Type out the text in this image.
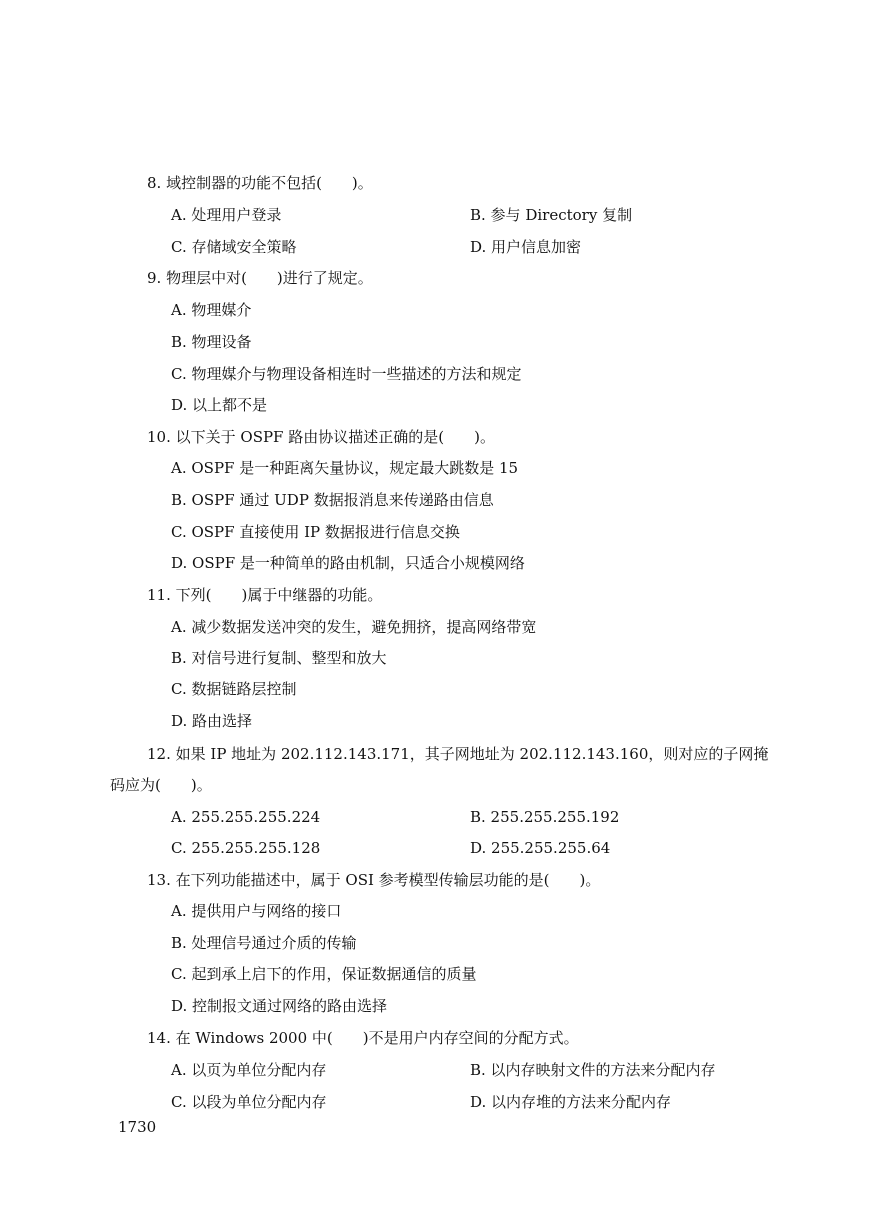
8. 域控制器的功能不包括(　　)。
A. 处理用户登录	B. 参与 Directory 复制
C. 存储域安全策略	D. 用户信息加密
9. 物理层中对(　　)进行了规定。
A. 物理媒介
B. 物理设备
C. 物理媒介与物理设备相连时一些描述的方法和规定
D. 以上都不是
10. 以下关于 OSPF 路由协议描述正确的是(　　)。
A. OSPF 是一种距离矢量协议，规定最大跳数是 15
B. OSPF 通过 UDP 数据报消息来传递路由信息
C. OSPF 直接使用 IP 数据报进行信息交换
D. OSPF 是一种简单的路由机制，只适合小规模网络
11. 下列(　　)属于中继器的功能。
A. 减少数据发送冲突的发生，避免拥挤，提高网络带宽
B. 对信号进行复制、整型和放大
C. 数据链路层控制
D. 路由选择
12. 如果 IP 地址为 202.112.143.171，其子网地址为 202.112.143.160，则对应的子网掩
码应为(　　)。
A. 255.255.255.224	B. 255.255.255.192
C. 255.255.255.128	D. 255.255.255.64
13. 在下列功能描述中，属于 OSI 参考模型传输层功能的是(　　)。
A. 提供用户与网络的接口
B. 处理信号通过介质的传输
C. 起到承上启下的作用，保证数据通信的质量
D. 控制报文通过网络的路由选择
14. 在 Windows 2000 中(　　)不是用户内存空间的分配方式。
A. 以页为单位分配内存	B. 以内存映射文件的方法来分配内存
C. 以段为单位分配内存	D. 以内存堆的方法来分配内存
1730
